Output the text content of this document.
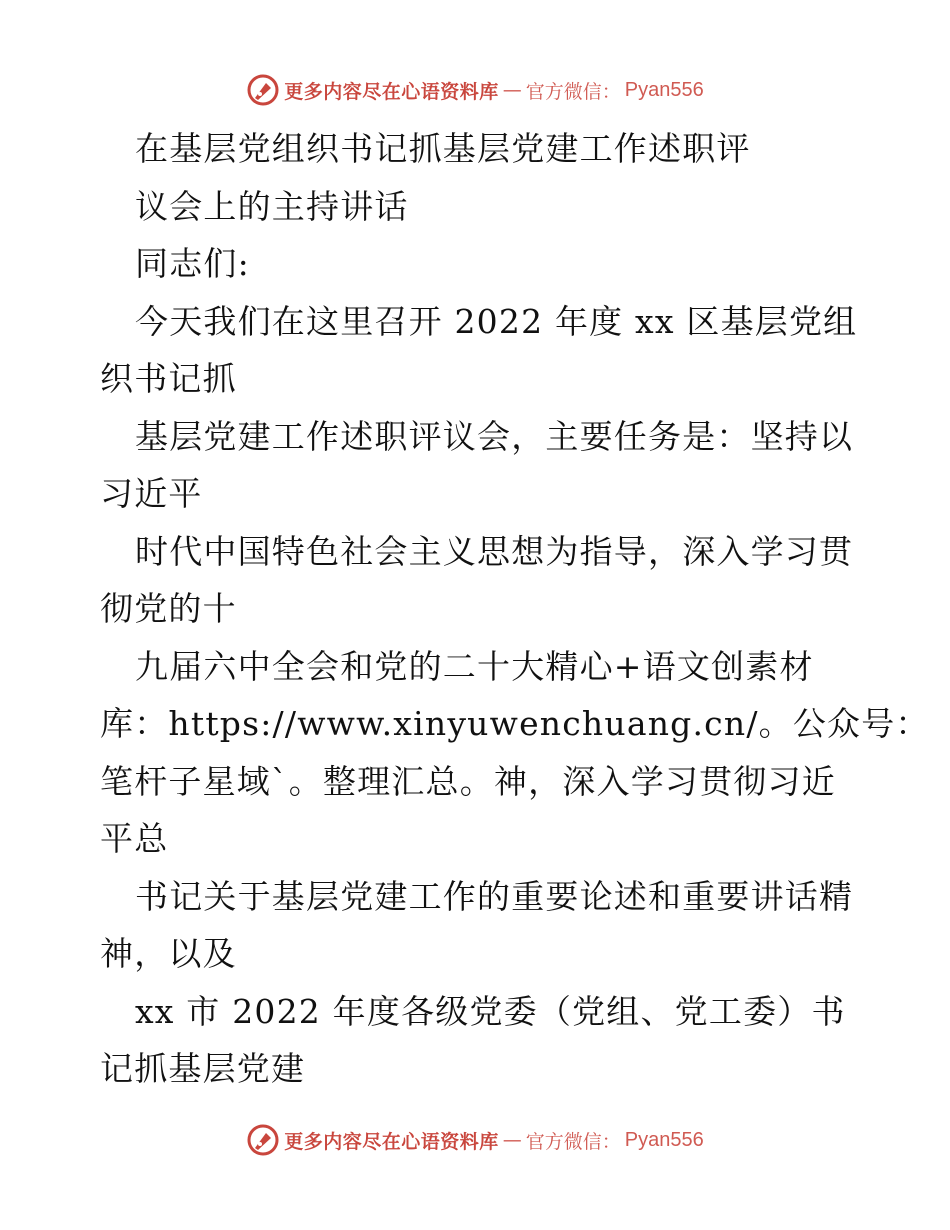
更多内容尽在心语资料库 — 官方微信： Pyan556

在基层党组织书记抓基层党建工作述职评

议会上的主持讲话

同志们:

今天我们在这里召开 2022 年度 xx 区基层党组

织书记抓

基层党建工作述职评议会，主要任务是：坚持以

习近平

时代中国特色社会主义思想为指导，深入学习贯

彻党的十

九届六中全会和党的二十大精心+语文创素材

库：https://www.xinyuwenchuang.cn/。公众号：

笔杆子星域`。整理汇总。神，深入学习贯彻习近

平总

书记关于基层党建工作的重要论述和重要讲话精

神，以及

xx 市 2022 年度各级党委（党组、党工委）书

记抓基层党建

更多内容尽在心语资料库 — 官方微信： Pyan556
